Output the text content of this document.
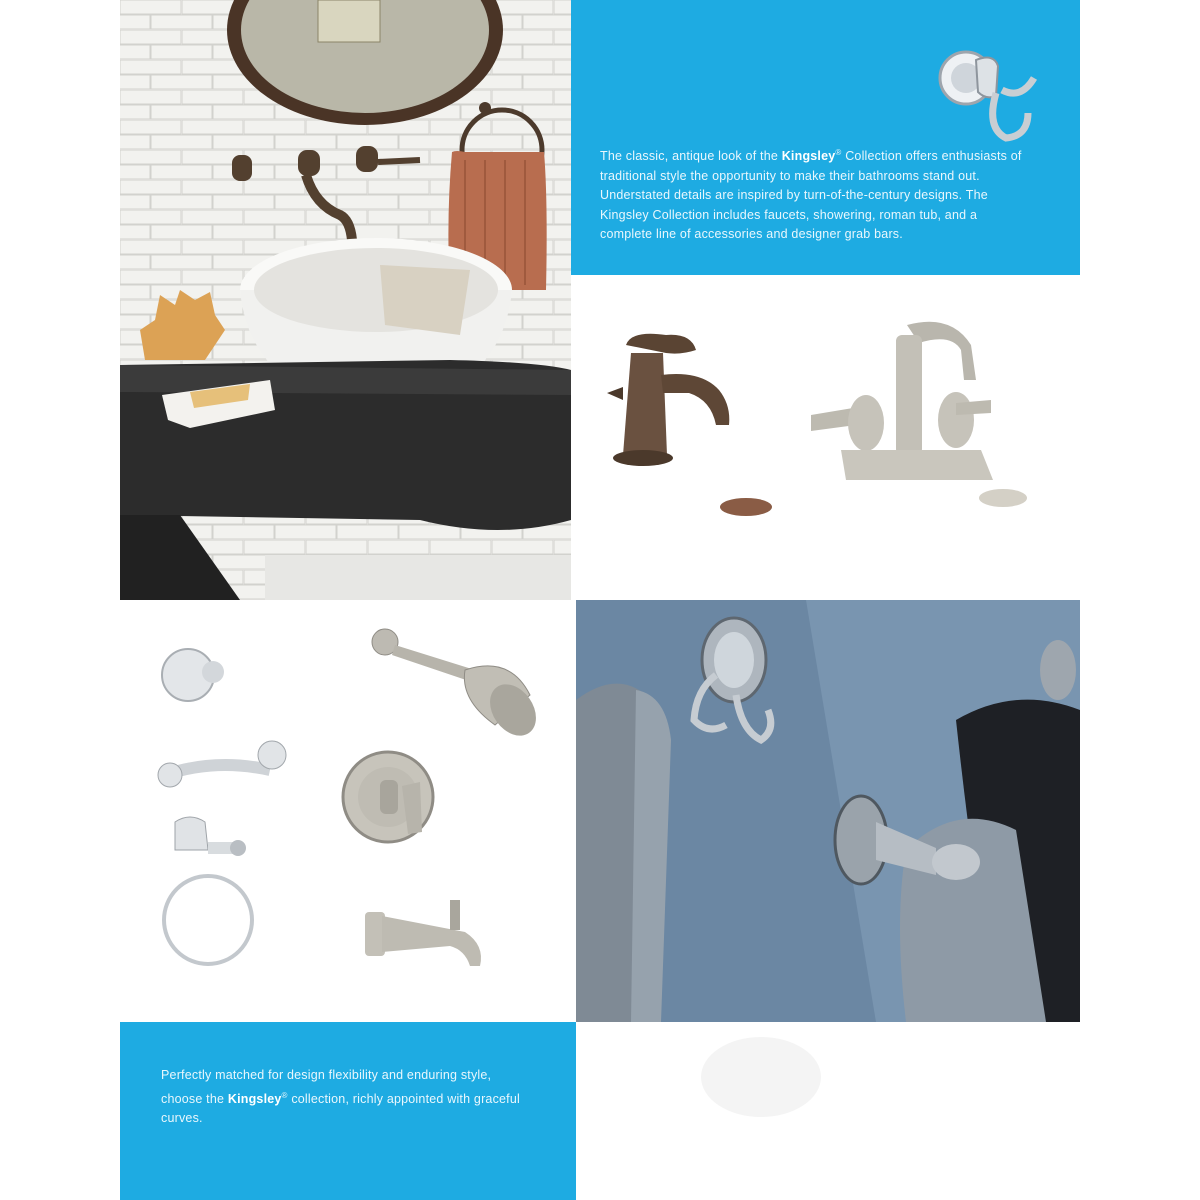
The classic, antique look of the Kingsley® Collection offers enthusiasts of traditional style the opportunity to make their bathrooms stand out. Understated details are inspired by turn-of-the-century designs. The Kingsley Collection includes faucets, showering, roman tub, and a complete line of accessories and designer grab bars.
Perfectly matched for design flexibility and enduring style, choose the Kingsley® collection, richly appointed with graceful curves.
